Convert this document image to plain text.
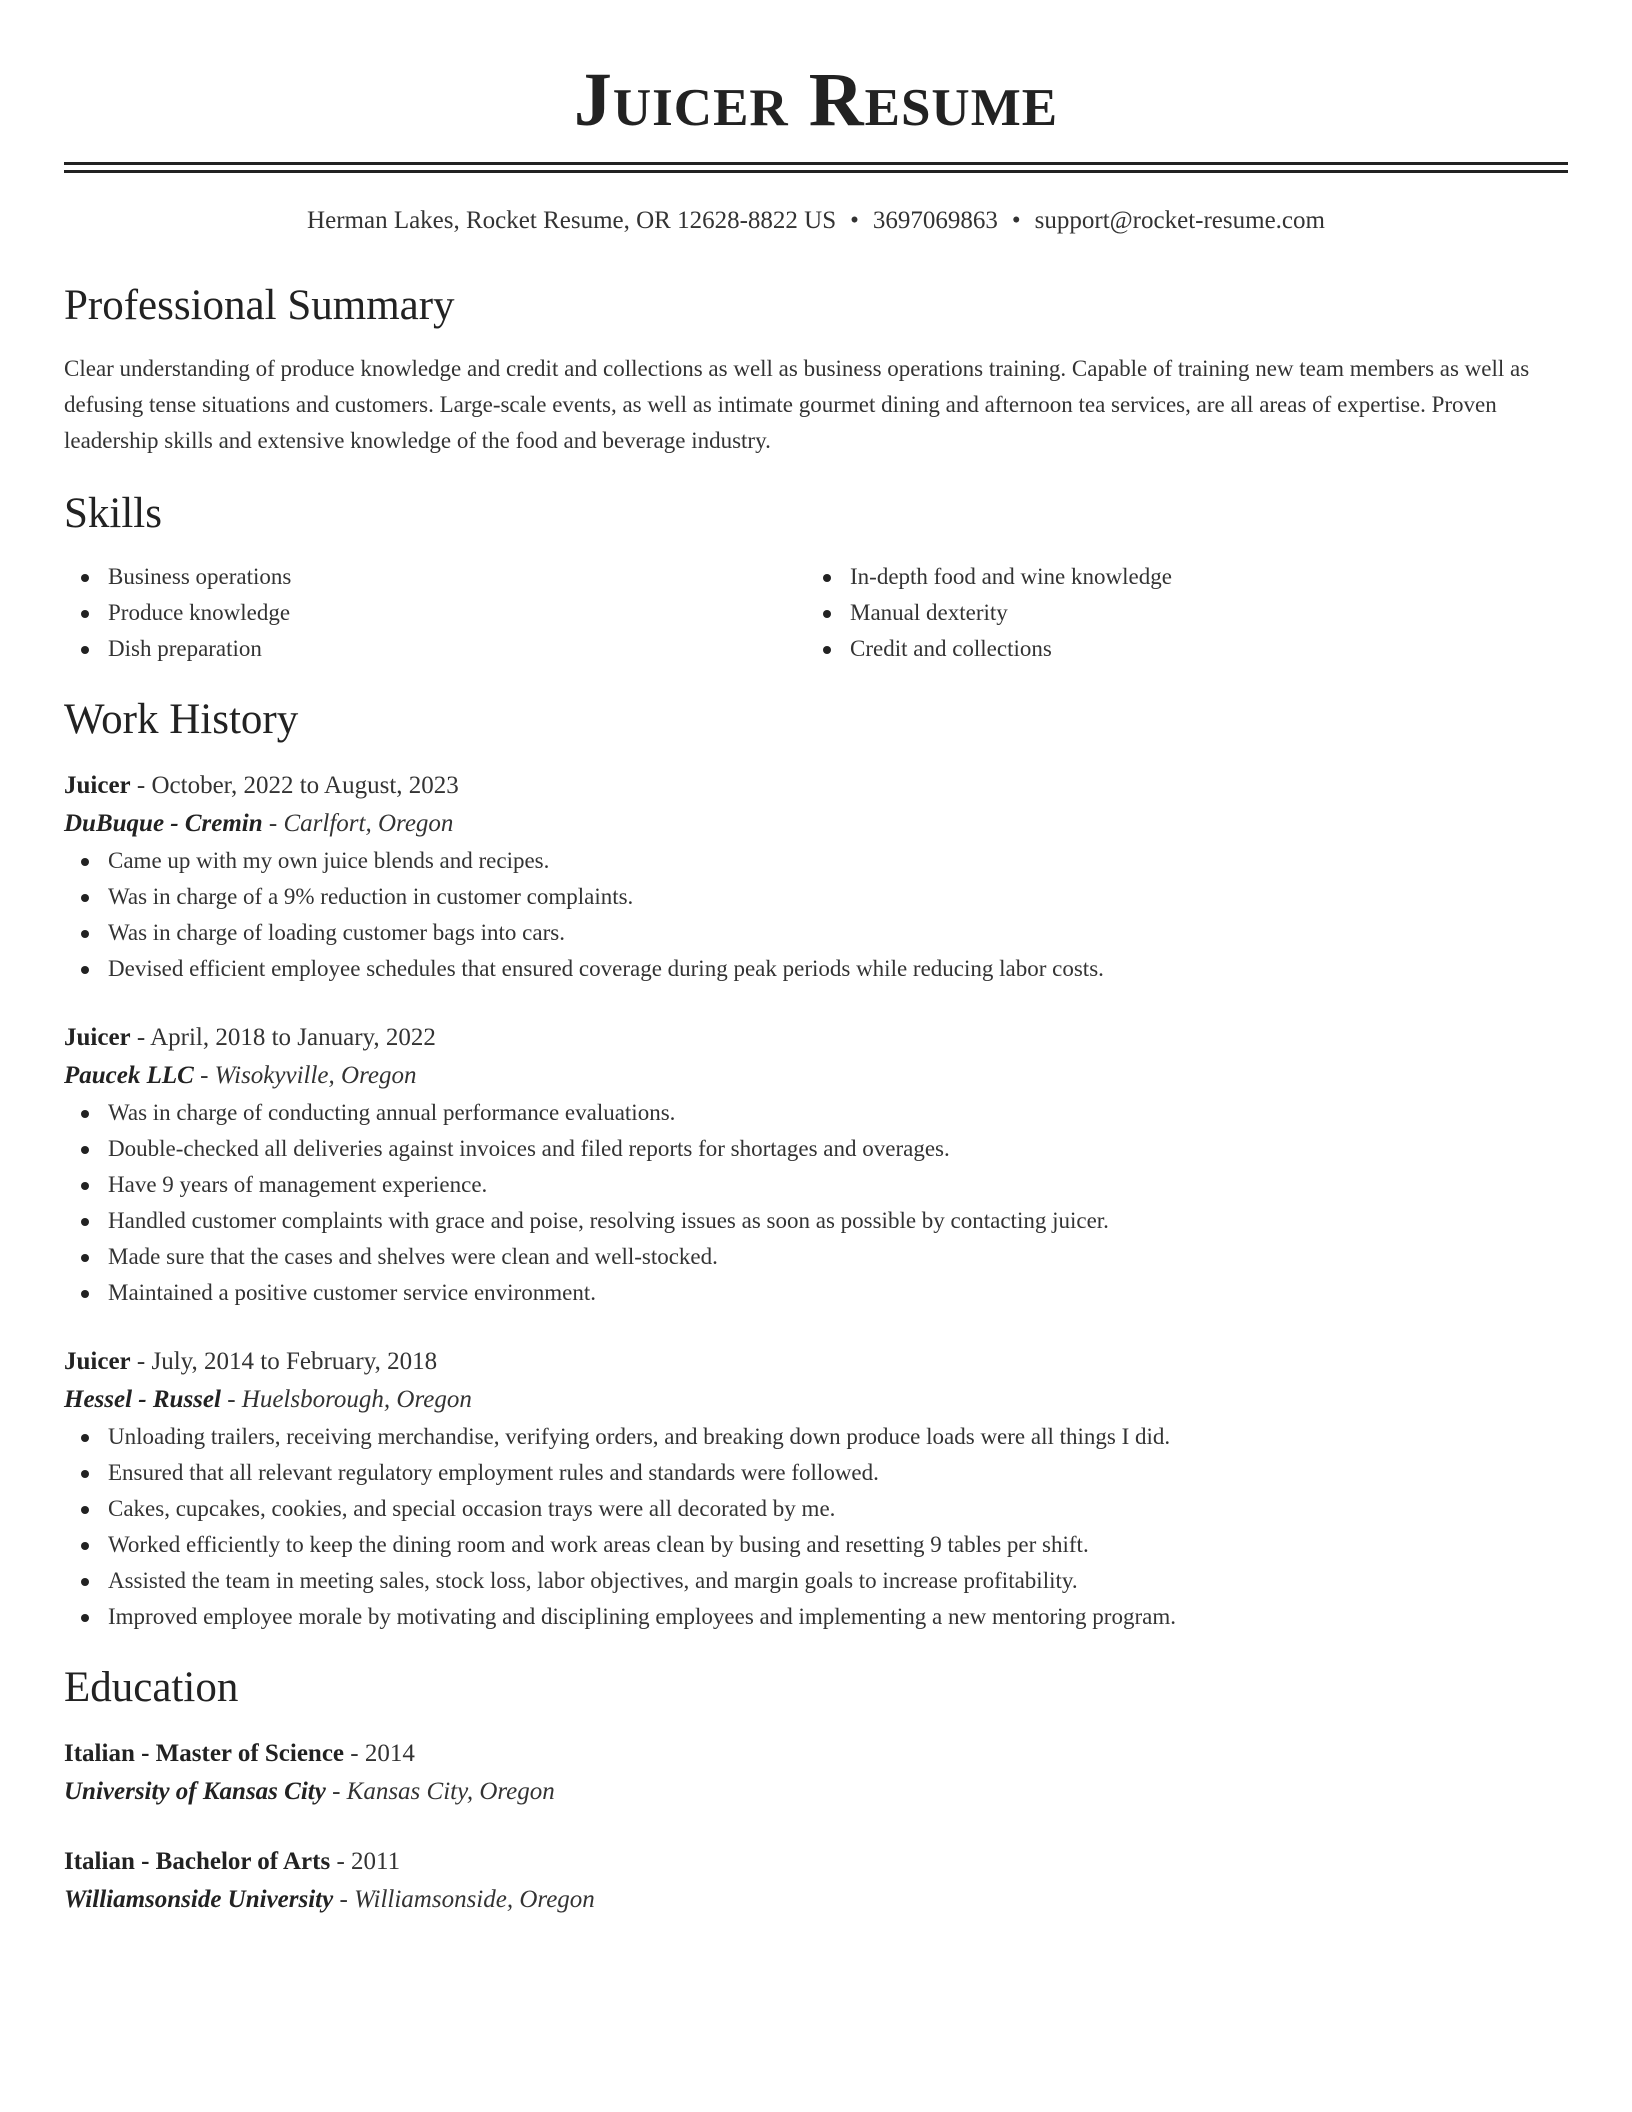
Juicer Resume
Herman Lakes, Rocket Resume, OR 12628-8822 US • 3697069863 • support@rocket-resume.com
Professional Summary

Clear understanding of produce knowledge and credit and collections as well as business operations training. Capable of training new team members as well as defusing tense situations and customers. Large-scale events, as well as intimate gourmet dining and afternoon tea services, are all areas of expertise. Proven leadership skills and extensive knowledge of the food and beverage industry.

Skills
Business operations
Produce knowledge
Dish preparation
In-depth food and wine knowledge
Manual dexterity
Credit and collections
Work History
Juicer - October, 2022 to August, 2023
DuBuque - Cremin - Carlfort, Oregon
Came up with my own juice blends and recipes.
Was in charge of a 9% reduction in customer complaints.
Was in charge of loading customer bags into cars.
Devised efficient employee schedules that ensured coverage during peak periods while reducing labor costs.
Juicer - April, 2018 to January, 2022
Paucek LLC - Wisokyville, Oregon
Was in charge of conducting annual performance evaluations.
Double-checked all deliveries against invoices and filed reports for shortages and overages.
Have 9 years of management experience.
Handled customer complaints with grace and poise, resolving issues as soon as possible by contacting juicer.
Made sure that the cases and shelves were clean and well-stocked.
Maintained a positive customer service environment.
Juicer - July, 2014 to February, 2018
Hessel - Russel - Huelsborough, Oregon
Unloading trailers, receiving merchandise, verifying orders, and breaking down produce loads were all things I did.
Ensured that all relevant regulatory employment rules and standards were followed.
Cakes, cupcakes, cookies, and special occasion trays were all decorated by me.
Worked efficiently to keep the dining room and work areas clean by busing and resetting 9 tables per shift.
Assisted the team in meeting sales, stock loss, labor objectives, and margin goals to increase profitability.
Improved employee morale by motivating and disciplining employees and implementing a new mentoring program.
Education
Italian - Master of Science - 2014
University of Kansas City - Kansas City, Oregon
Italian - Bachelor of Arts - 2011
Williamsonside University - Williamsonside, Oregon
